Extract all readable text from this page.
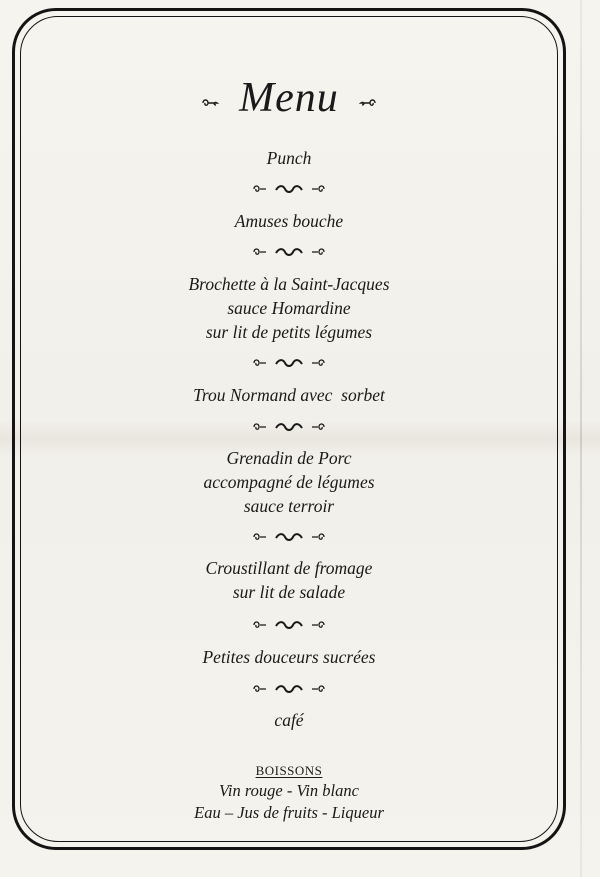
Menu
Punch
Amuses bouche
Brochette à la Saint-Jacques
sauce Homardine
sur lit de petits légumes
Trou Normand avec  sorbet
Grenadin de Porc
accompagné de légumes
sauce terroir
Croustillant de fromage
sur lit de salade
Petites douceurs sucrées
café
BOISSONS
Vin rouge - Vin blanc
Eau – Jus de fruits - Liqueur
